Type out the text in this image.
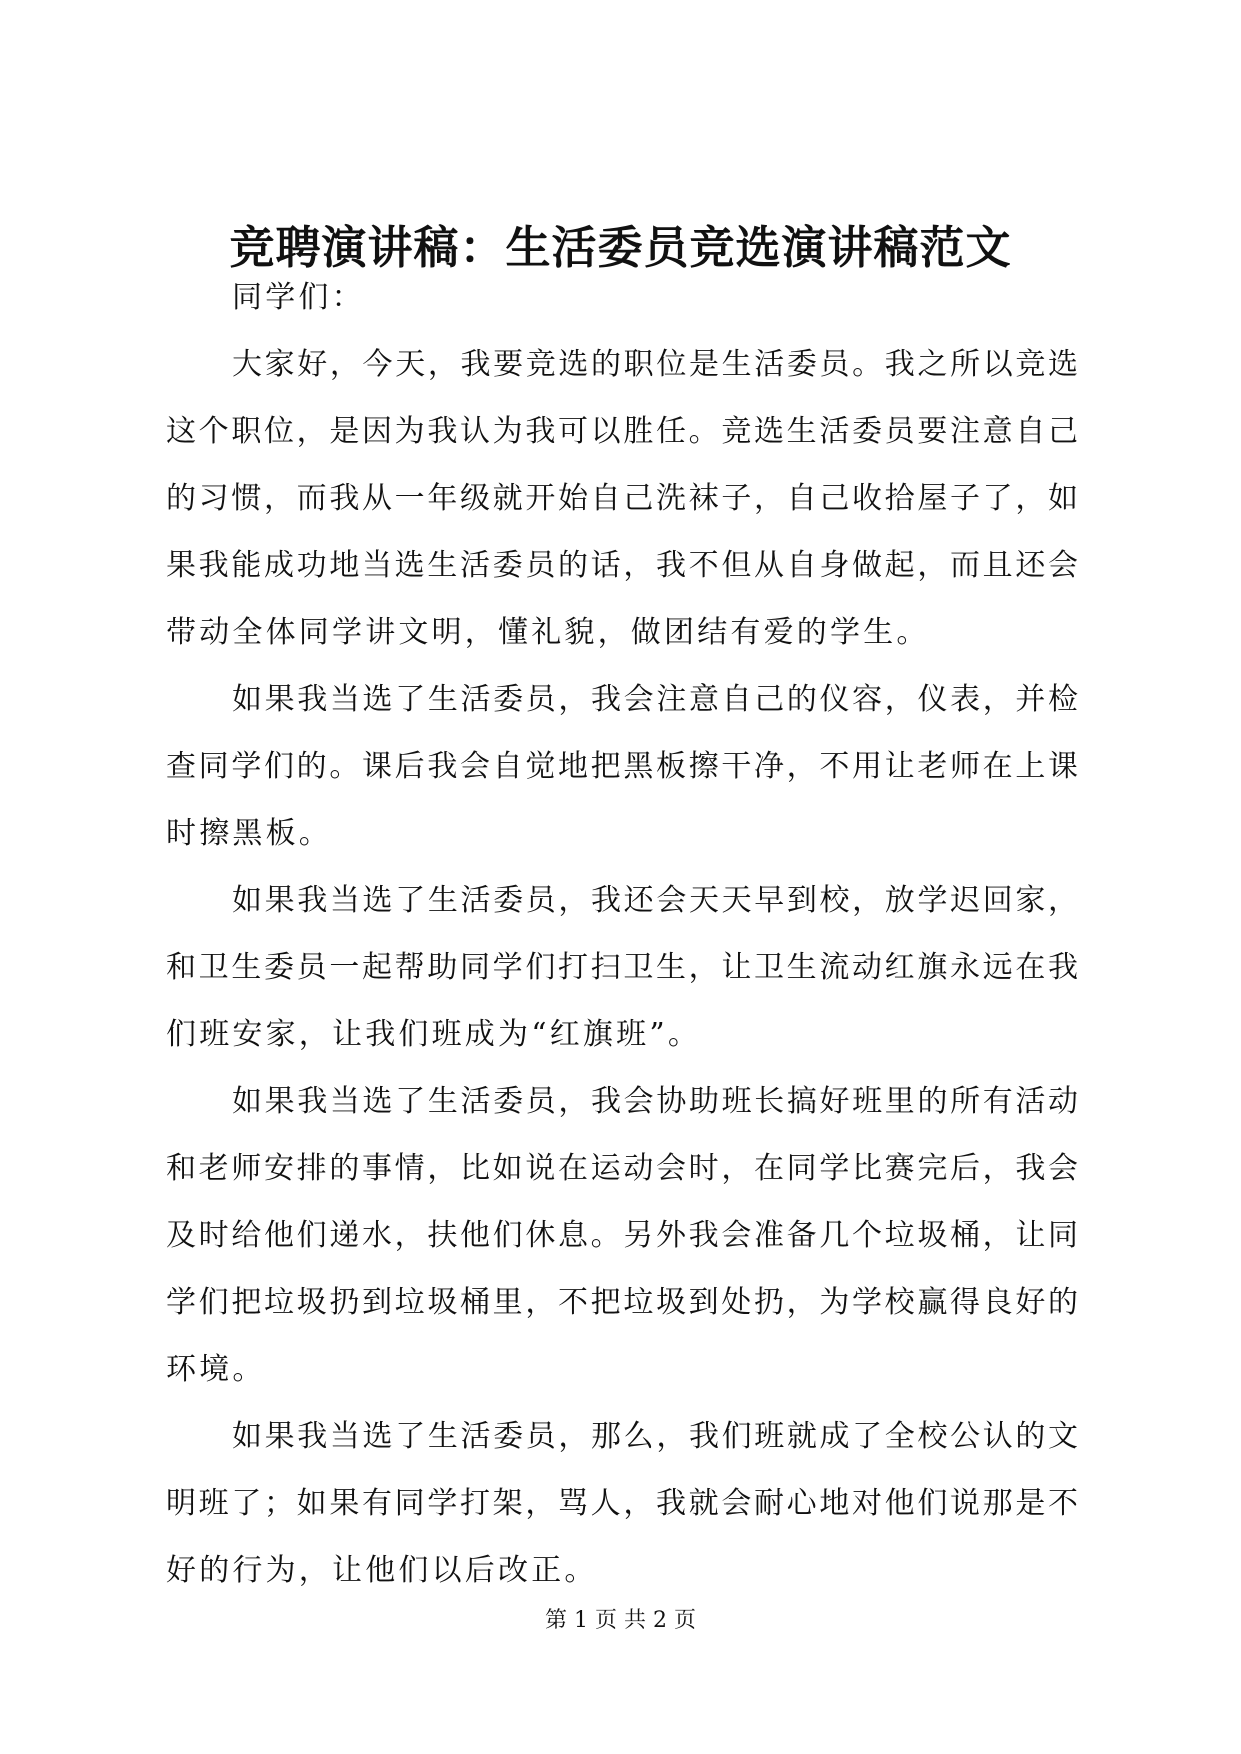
竞聘演讲稿：生活委员竞选演讲稿范文
同学们：
大家好，今天，我要竞选的职位是生活委员。我之所以竞选
这个职位，是因为我认为我可以胜任。竞选生活委员要注意自己
的习惯，而我从一年级就开始自己洗袜子，自己收拾屋子了，如
果我能成功地当选生活委员的话，我不但从自身做起，而且还会
带动全体同学讲文明，懂礼貌，做团结有爱的学生。
如果我当选了生活委员，我会注意自己的仪容，仪表，并检
查同学们的。课后我会自觉地把黑板擦干净，不用让老师在上课
时擦黑板。
如果我当选了生活委员，我还会天天早到校，放学迟回家，
和卫生委员一起帮助同学们打扫卫生，让卫生流动红旗永远在我
们班安家，让我们班成为“红旗班”。
如果我当选了生活委员，我会协助班长搞好班里的所有活动
和老师安排的事情，比如说在运动会时，在同学比赛完后，我会
及时给他们递水，扶他们休息。另外我会准备几个垃圾桶，让同
学们把垃圾扔到垃圾桶里，不把垃圾到处扔，为学校赢得良好的
环境。
如果我当选了生活委员，那么，我们班就成了全校公认的文
明班了；如果有同学打架，骂人，我就会耐心地对他们说那是不
好的行为，让他们以后改正。
第 1 页 共 2 页
